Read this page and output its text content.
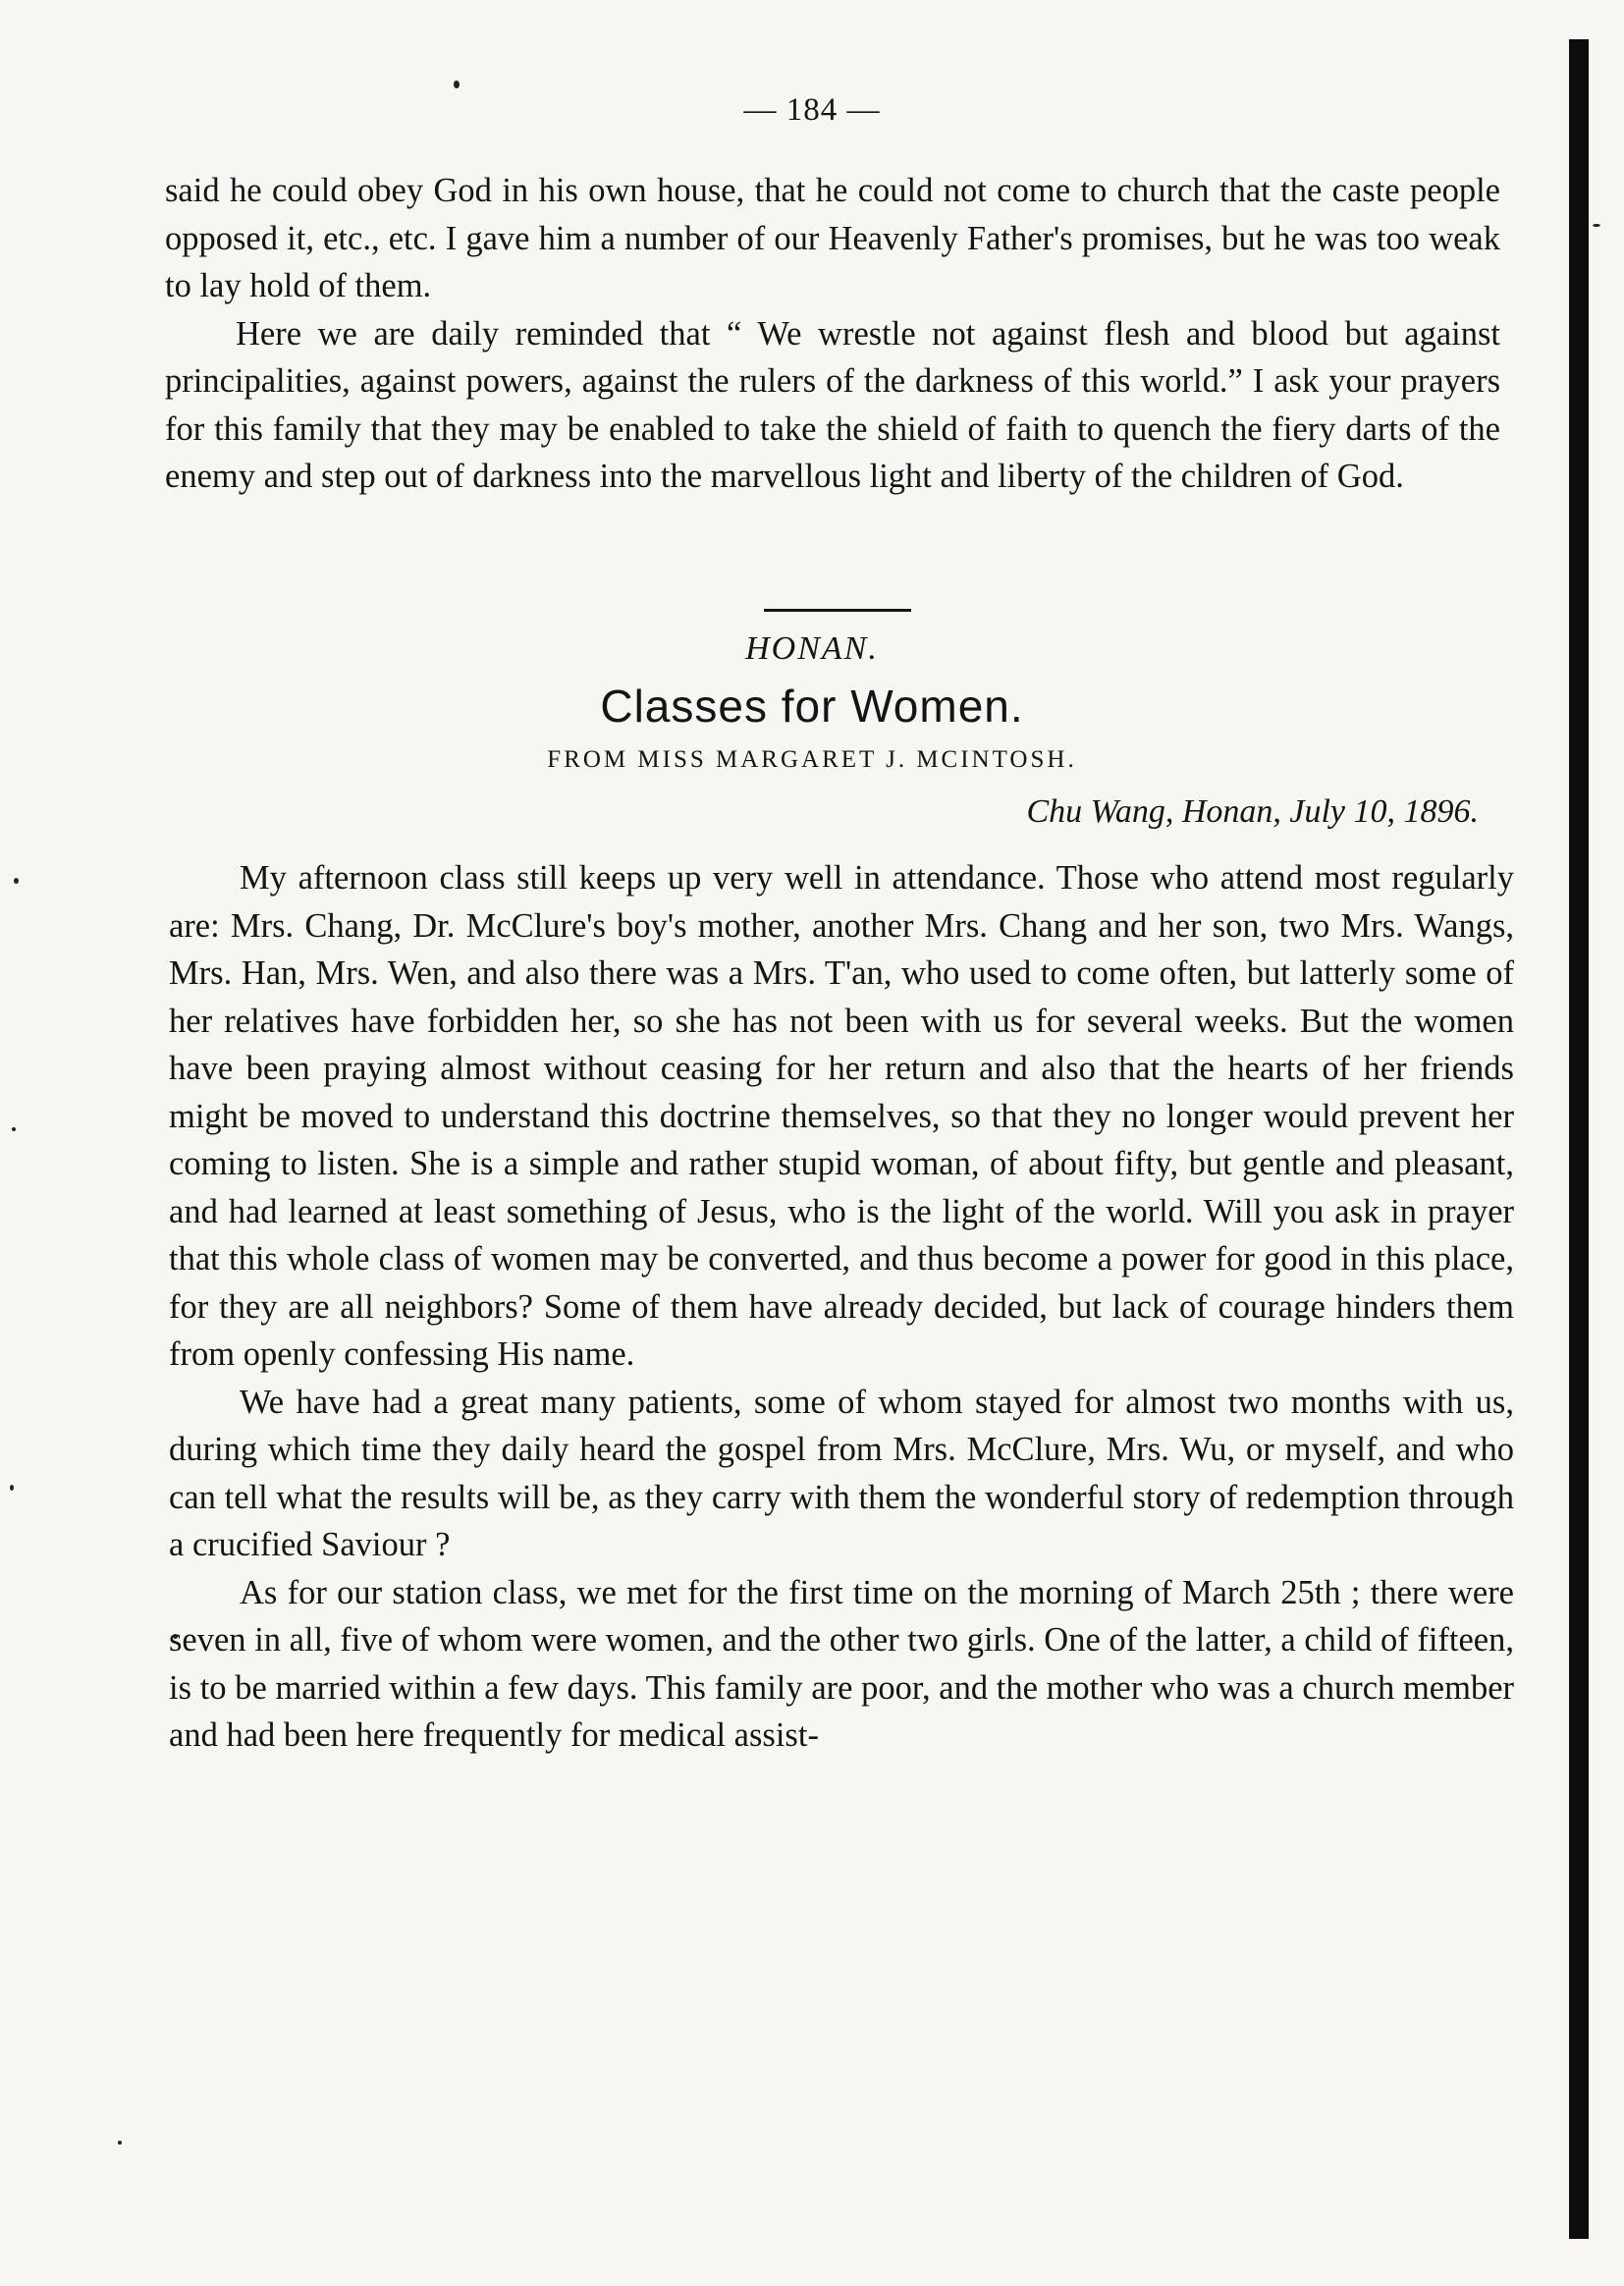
— 184 —

said he could obey God in his own house, that he could not come to church that the caste people opposed it, etc., etc. I gave him a number of our Heavenly Father's promises, but he was too weak to lay hold of them.

Here we are daily reminded that “ We wrestle not against flesh and blood but against principalities, against powers, against the rulers of the darkness of this world.” I ask your prayers for this family that they may be enabled to take the shield of faith to quench the fiery darts of the enemy and step out of darkness into the marvellous light and liberty of the children of God.

HONAN.
Classes for Women.
FROM MISS MARGARET J. MCINTOSH.
Chu Wang, Honan, July 10, 1896.

My afternoon class still keeps up very well in attendance. Those who attend most regularly are: Mrs. Chang, Dr. McClure's boy's mother, another Mrs. Chang and her son, two Mrs. Wangs, Mrs. Han, Mrs. Wen, and also there was a Mrs. T'an, who used to come often, but latterly some of her relatives have forbidden her, so she has not been with us for several weeks. But the women have been praying almost without ceasing for her return and also that the hearts of her friends might be moved to understand this doctrine themselves, so that they no longer would prevent her coming to listen. She is a simple and rather stupid woman, of about fifty, but gentle and pleasant, and had learned at least something of Jesus, who is the light of the world. Will you ask in prayer that this whole class of women may be converted, and thus become a power for good in this place, for they are all neighbors? Some of them have already decided, but lack of courage hinders them from openly confessing His name.

We have had a great many patients, some of whom stayed for almost two months with us, during which time they daily heard the gospel from Mrs. McClure, Mrs. Wu, or myself, and who can tell what the results will be, as they carry with them the wonderful story of redemption through a crucified Saviour ?

As for our station class, we met for the first time on the morning of March 25th ; there were seven in all, five of whom were women, and the other two girls. One of the latter, a child of fifteen, is to be married within a few days. This family are poor, and the mother who was a church member and had been here frequently for medical assist-
